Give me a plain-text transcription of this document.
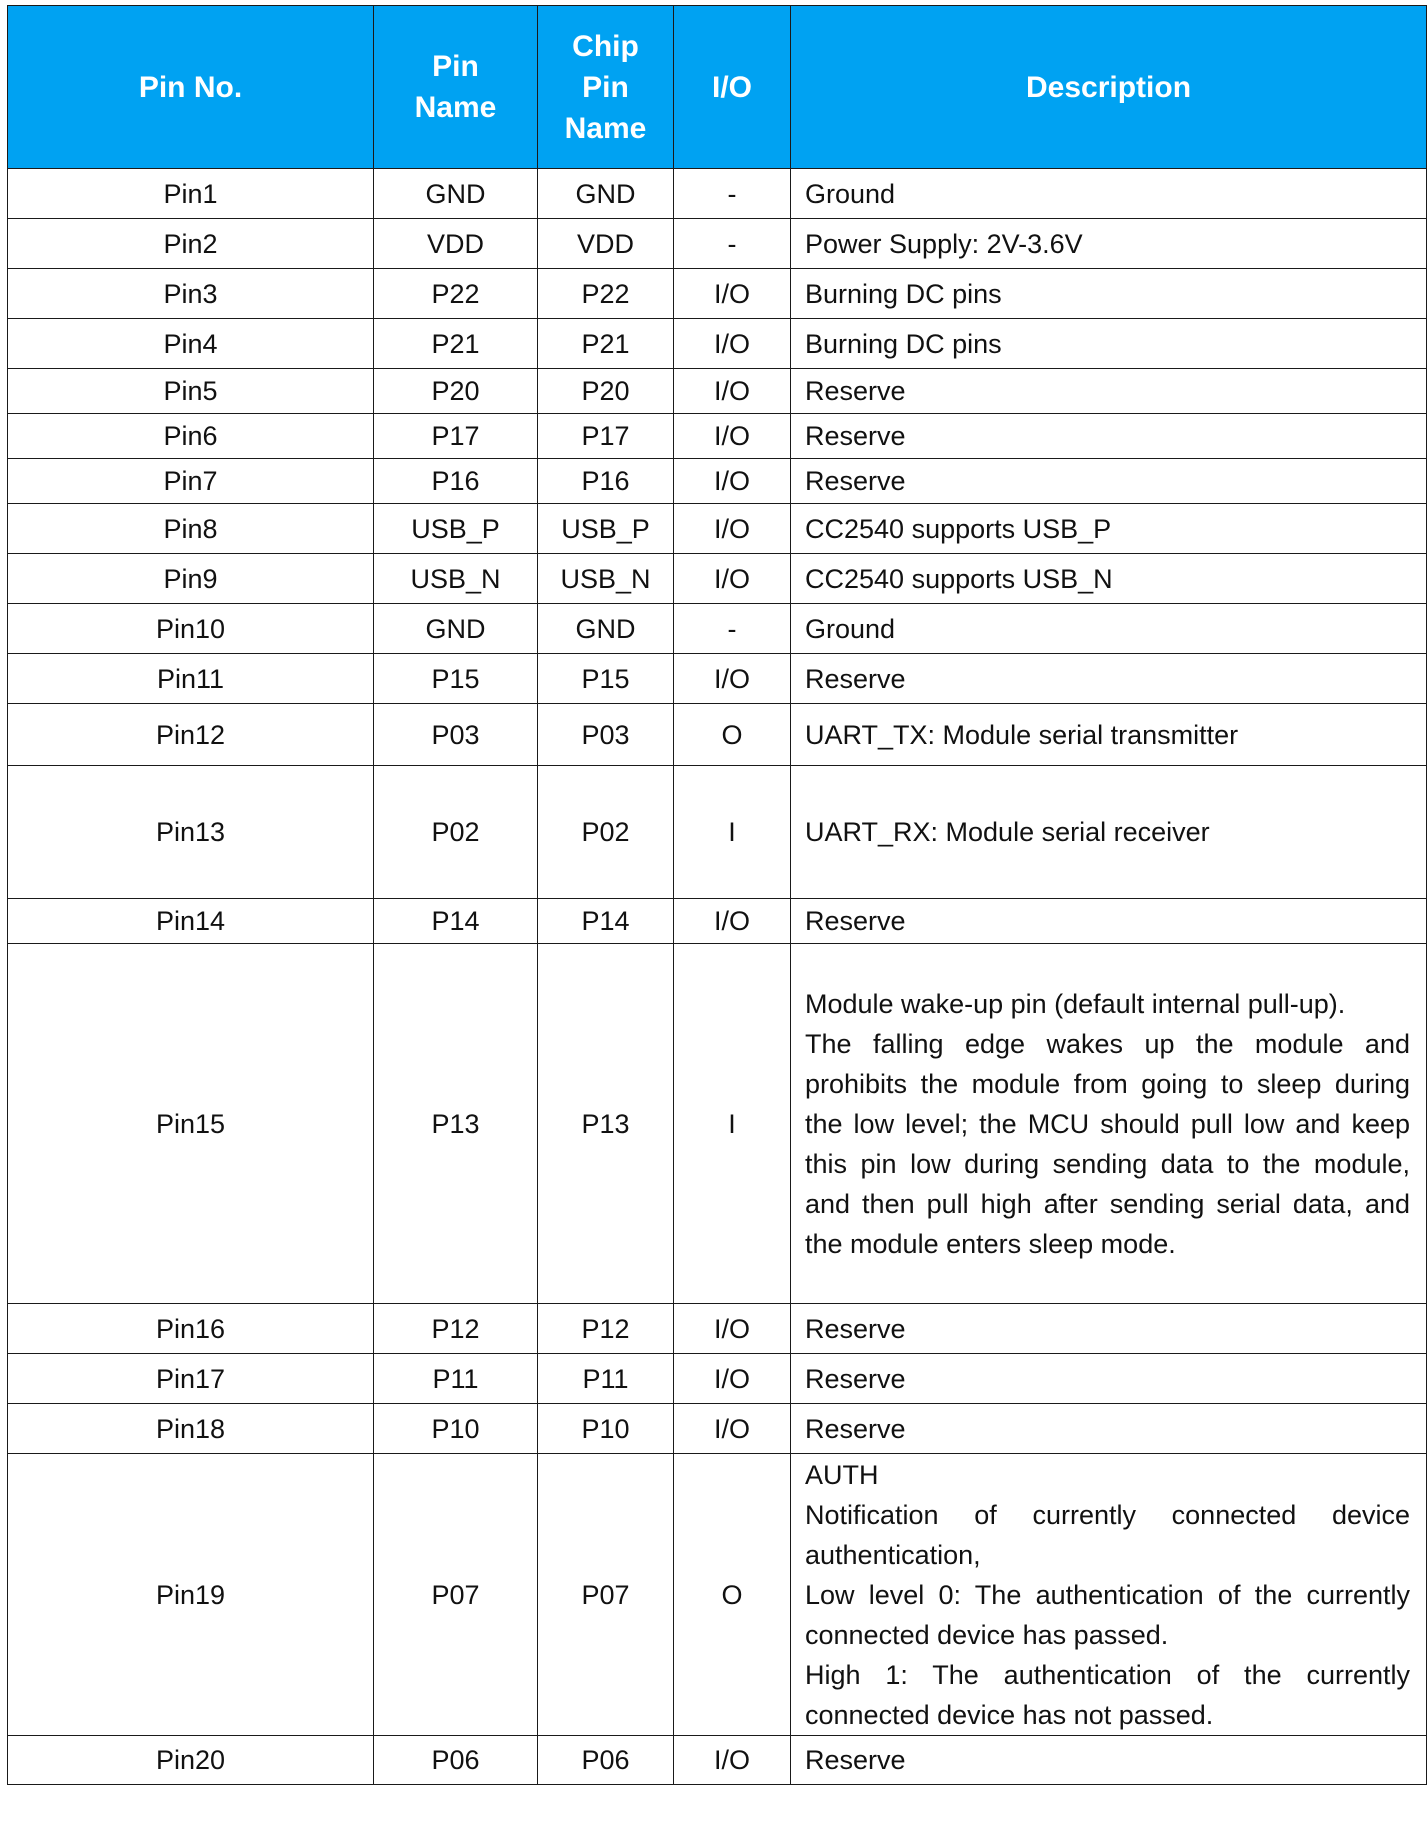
Pin No.	Pin Name	Chip Pin Name	I/O	Description
Pin1	GND	GND	-	Ground

Pin2	VDD	VDD	-	Power Supply: 2V-3.6V

Pin3	P22	P22	I/O	Burning DC pins

Pin4	P21	P21	I/O	Burning DC pins

Pin5	P20	P20	I/O	Reserve

Pin6	P17	P17	I/O	Reserve

Pin7	P16	P16	I/O	Reserve

Pin8	USB_P	USB_P	I/O	CC2540 supports USB_P

Pin9	USB_N	USB_N	I/O	CC2540 supports USB_N

Pin10	GND	GND	-	Ground

Pin11	P15	P15	I/O	Reserve

Pin12	P03	P03	O	UART_TX: Module serial transmitter

Pin13	P02	P02	I	UART_RX: Module serial receiver

Pin14	P14	P14	I/O	Reserve

Pin15	P13	P13	I	Module wake-up pin (default internal pull-up).
The falling edge wakes up the module and prohibits the module from going to sleep during the low level; the MCU should pull low and keep this pin low during sending data to the module, and then pull high after sending serial data, and the module enters sleep mode.

Pin16	P12	P12	I/O	Reserve

Pin17	P11	P11	I/O	Reserve

Pin18	P10	P10	I/O	Reserve

Pin19	P07	P07	O	AUTH
Notification of currently connected device authentication,
Low level 0: The authentication of the currently connected device has passed.
High 1: The authentication of the currently connected device has not passed.

Pin20	P06	P06	I/O	Reserve
